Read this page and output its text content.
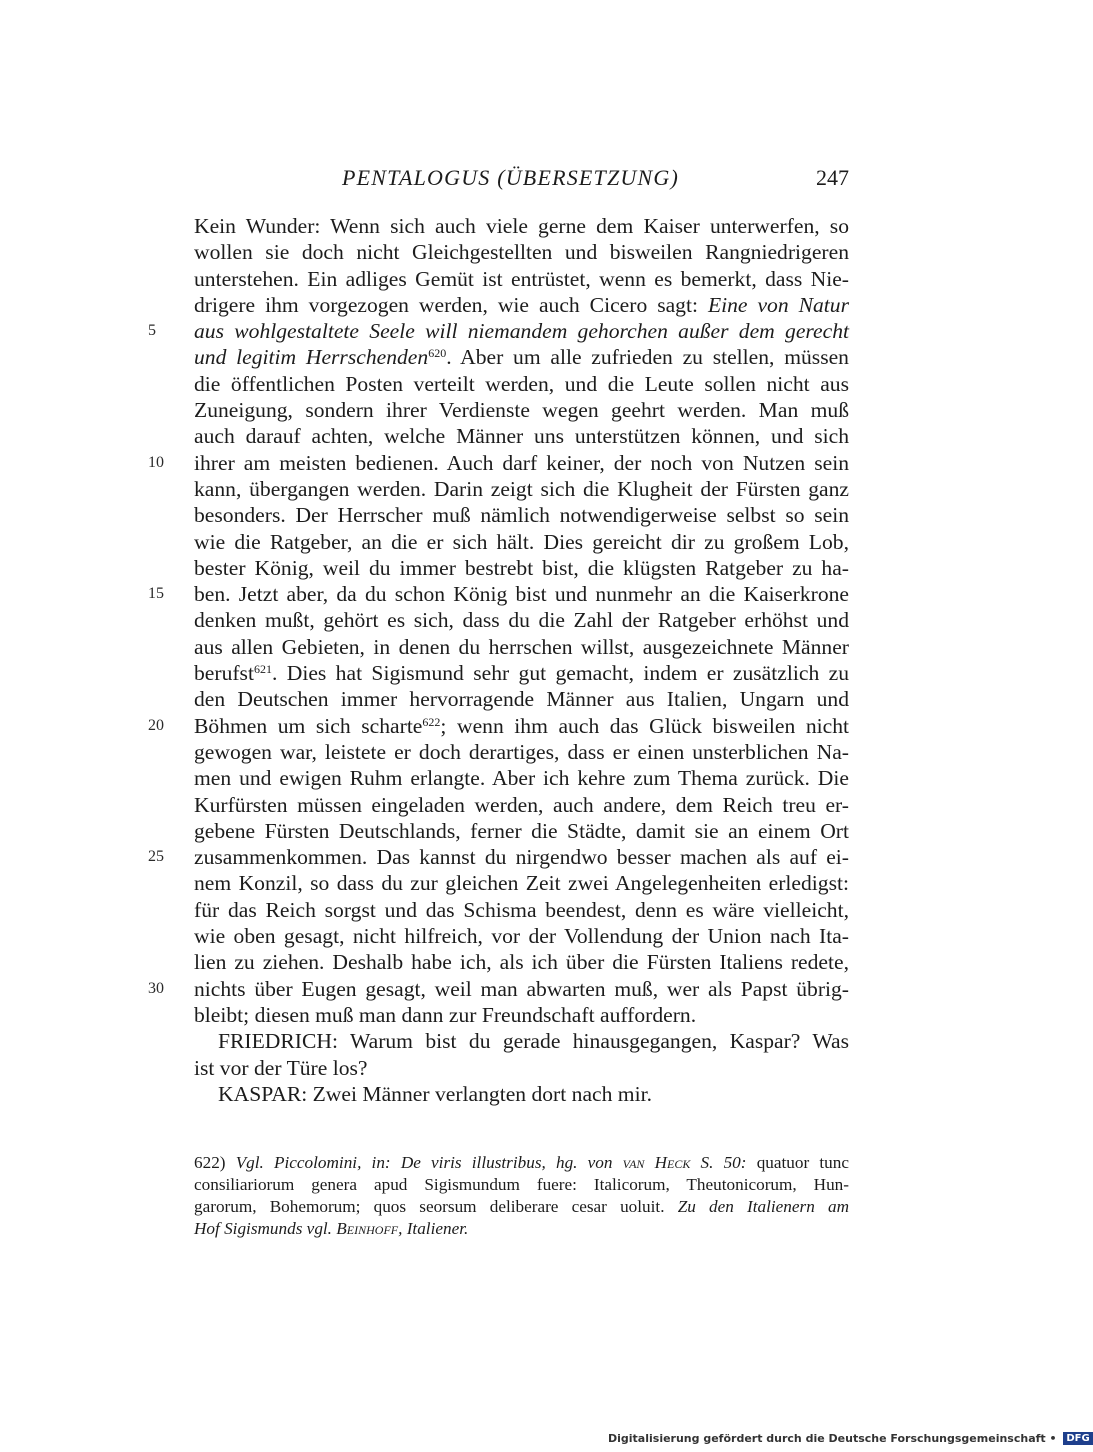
PENTALOGUS (ÜBERSETZUNG)	247
Kein Wunder: Wenn sich auch viele gerne dem Kaiser unterwerfen, so
wollen sie doch nicht Gleichgestellten und bisweilen Rangniedrigeren
unterstehen. Ein adliges Gemüt ist entrüstet, wenn es bemerkt, dass Nie-
drigere ihm vorgezogen werden, wie auch Cicero sagt: Eine von Natur
5	aus wohlgestaltete Seele will niemandem gehorchen außer dem gerecht
und legitim Herrschenden$^{620}$. Aber um alle zufrieden zu stellen, müssen
die öffentlichen Posten verteilt werden, und die Leute sollen nicht aus
Zuneigung, sondern ihrer Verdienste wegen geehrt werden. Man muß
auch darauf achten, welche Männer uns unterstützen können, und sich
10	ihrer am meisten bedienen. Auch darf keiner, der noch von Nutzen sein
kann, übergangen werden. Darin zeigt sich die Klugheit der Fürsten ganz
besonders. Der Herrscher muß nämlich notwendigerweise selbst so sein
wie die Ratgeber, an die er sich hält. Dies gereicht dir zu großem Lob,
bester König, weil du immer bestrebt bist, die klügsten Ratgeber zu ha-
15	ben. Jetzt aber, da du schon König bist und nunmehr an die Kaiserkrone
denken mußt, gehört es sich, dass du die Zahl der Ratgeber erhöhst und
aus allen Gebieten, in denen du herrschen willst, ausgezeichnete Männer
berufst$^{621}$. Dies hat Sigismund sehr gut gemacht, indem er zusätzlich zu
den Deutschen immer hervorragende Männer aus Italien, Ungarn und
20	Böhmen um sich scharte$^{622}$; wenn ihm auch das Glück bisweilen nicht
gewogen war, leistete er doch derartiges, dass er einen unsterblichen Na-
men und ewigen Ruhm erlangte. Aber ich kehre zum Thema zurück. Die
Kurfürsten müssen eingeladen werden, auch andere, dem Reich treu er-
gebene Fürsten Deutschlands, ferner die Städte, damit sie an einem Ort
25	zusammenkommen. Das kannst du nirgendwo besser machen als auf ei-
nem Konzil, so dass du zur gleichen Zeit zwei Angelegenheiten erledigst:
für das Reich sorgst und das Schisma beendest, denn es wäre vielleicht,
wie oben gesagt, nicht hilfreich, vor der Vollendung der Union nach Ita-
lien zu ziehen. Deshalb habe ich, als ich über die Fürsten Italiens redete,
30	nichts über Eugen gesagt, weil man abwarten muß, wer als Papst übrig-
bleibt; diesen muß man dann zur Freundschaft auffordern.
FRIEDRICH: Warum bist du gerade hinausgegangen, Kaspar? Was
ist vor der Türe los?
KASPAR: Zwei Männer verlangten dort nach mir.
622) Vgl. Piccolomini, in: De viris illustribus, hg. von van Heck S. 50: quatuor tunc
consiliariorum genera apud Sigismundum fuere: Italicorum, Theutonicorum, Hun-
garorum, Bohemorum; quos seorsum deliberare cesar uoluit. Zu den Italienern am
Hof Sigismunds vgl. Beinhoff, Italiener.
Digitalisierung gefördert durch die Deutsche Forschungsgemeinschaft • DFG
